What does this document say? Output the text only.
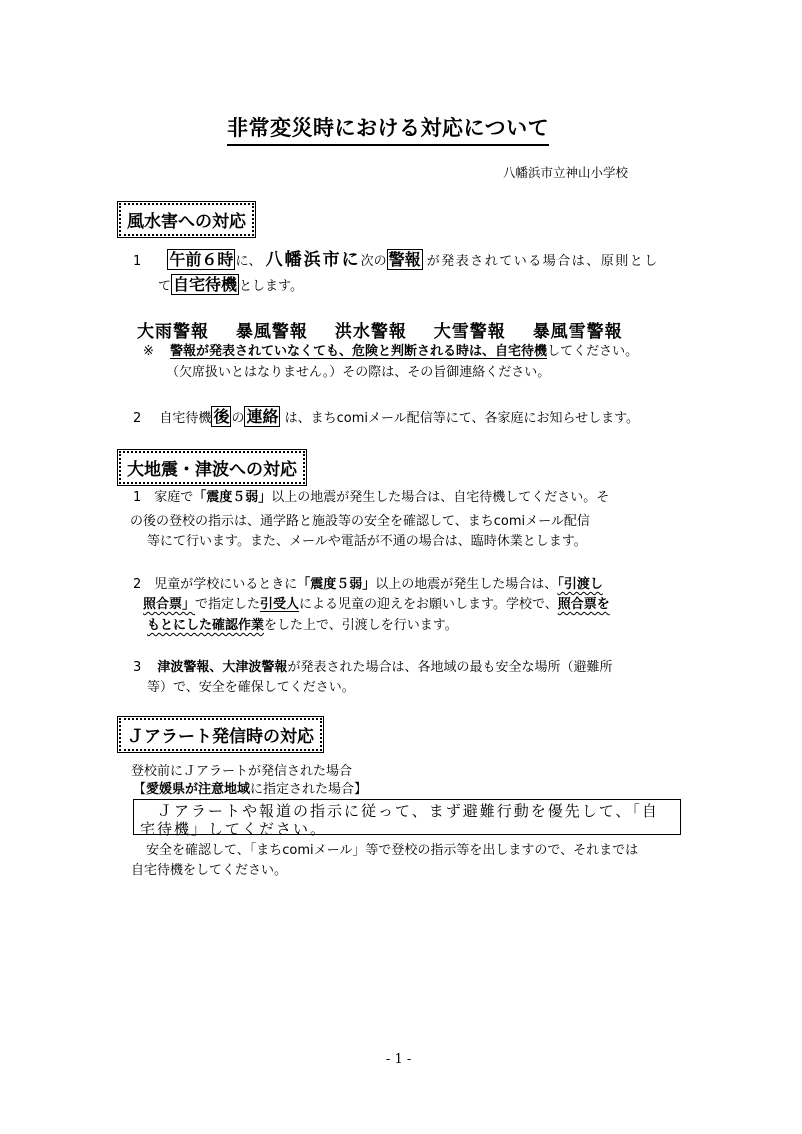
非常変災時における対応について
八幡浜市立神山小学校
風水害への対応
1 午前６時 に、 八幡浜市に次の 警報 が発表されている場合は、原則とし
て 自宅待機 とします。
大雨警報 暴風警報 洪水警報 大雪警報 暴風雪警報
※ 警報が発表されていなくても、危険と判断される時は、自宅待機してください。
（欠席扱いとはなりません。）その際は、その旨御連絡ください。
2 自宅待機 後 の 連絡 は、まちcomiメール配信等にて、各家庭にお知らせします。
大地震・津波への対応
1　家庭で「震度５弱」以上の地震が発生した場合は、自宅待機してください。そ
の後の登校の指示は、通学路と施設等の安全を確認して、まちcomiメール配信
等にて行います。また、メールや電話が不通の場合は、臨時休業とします。
2　児童が学校にいるときに「震度５弱」以上の地震が発生した場合は、「引渡し
照合票」で指定した引受人による児童の迎えをお願いします。学校で、照合票を
もとにした確認作業をした上で、引渡しを行います。
3 津波警報、大津波警報が発表された場合は、各地域の最も安全な場所（避難所
等）で、安全を確保してください。
Ｊアラート発信時の対応
登校前にＪアラートが発信された場合
【愛媛県が注意地域に指定された場合】
　Ｊアラートや報道の指示に従って、まず避難行動を優先して、「自宅待機」してください。
　安全を確認して、「まちcomiメール」等で登校の指示等を出しますので、それまでは
自宅待機をしてください。
- 1 -
